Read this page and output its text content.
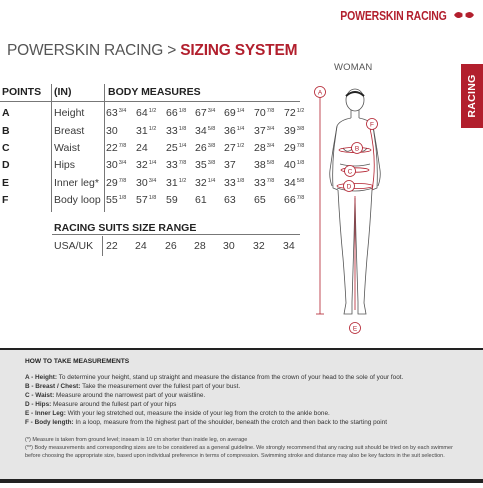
POWERSKIN RACING
POWERSKIN RACING > SIZING SYSTEM
RACING
WOMAN
POINTS (IN)	BODY MEASURES
A	Height $63^{3/4}$ $64^{1/2}$ $66^{1/8}$ $67^{3/4}$ $69^{1/4}$ $70^{7/8}$ $72^{1/2}$
B	Breast 30 $31^{1/2}$ $33^{1/8}$ $34^{5/8}$ $36^{1/4}$ $37^{3/4}$ $39^{3/8}$
C	Waist $22^{7/8}$ 24 $25^{1/4}$ $26^{3/8}$ $27^{1/2}$ $28^{3/4}$ $29^{7/8}$
D	Hips	$30^{3/4}$ $32^{1/4}$ $33^{7/8}$ $35^{3/8}$ 37 $38^{5/8}$ $40^{1/8}$
E	Inner leg* $29^{7/8}$ $30^{3/4}$ $31^{1/2}$ $32^{1/4}$ $33^{1/8}$ $33^{7/8}$ $34^{5/8}$
F	Body loop $55^{1/8}$ $57^{1/8}$ 59 61 63 65 $66^{7/8}$
RACING SUITS SIZE RANGE
USA/UK 22 24 26 28 30 32 34
A
B
C
D
E
F
HOW TO TAKE MEASUREMENTS
A - Height: To determine your height, stand up straight and measure the distance from the crown of your head to the sole of your foot.
B - Breast / Chest: Take the measurement over the fullest part of your bust.
C - Waist: Measure around the narrowest part of your waistline.
D - Hips: Measure around the fullest part of your hips
E - Inner Leg: With your leg stretched out, measure the inside of your leg from the crotch to the ankle bone.
F - Body length: In a loop, measure from the highest part of the shoulder, beneath the crotch and then back to the starting point
(*) Measure is taken from ground level; inseam is 10 cm shorter than inside leg, on average
(**) Body measurements and corresponding sizes are to be considered as a general guideline. We strongly recommend that any racing suit should be tried on by each swimmer before choosing the appropriate size, based upon individual preference in terms of compression. Swimming stroke and distance may also be key factors in the suit selection.
